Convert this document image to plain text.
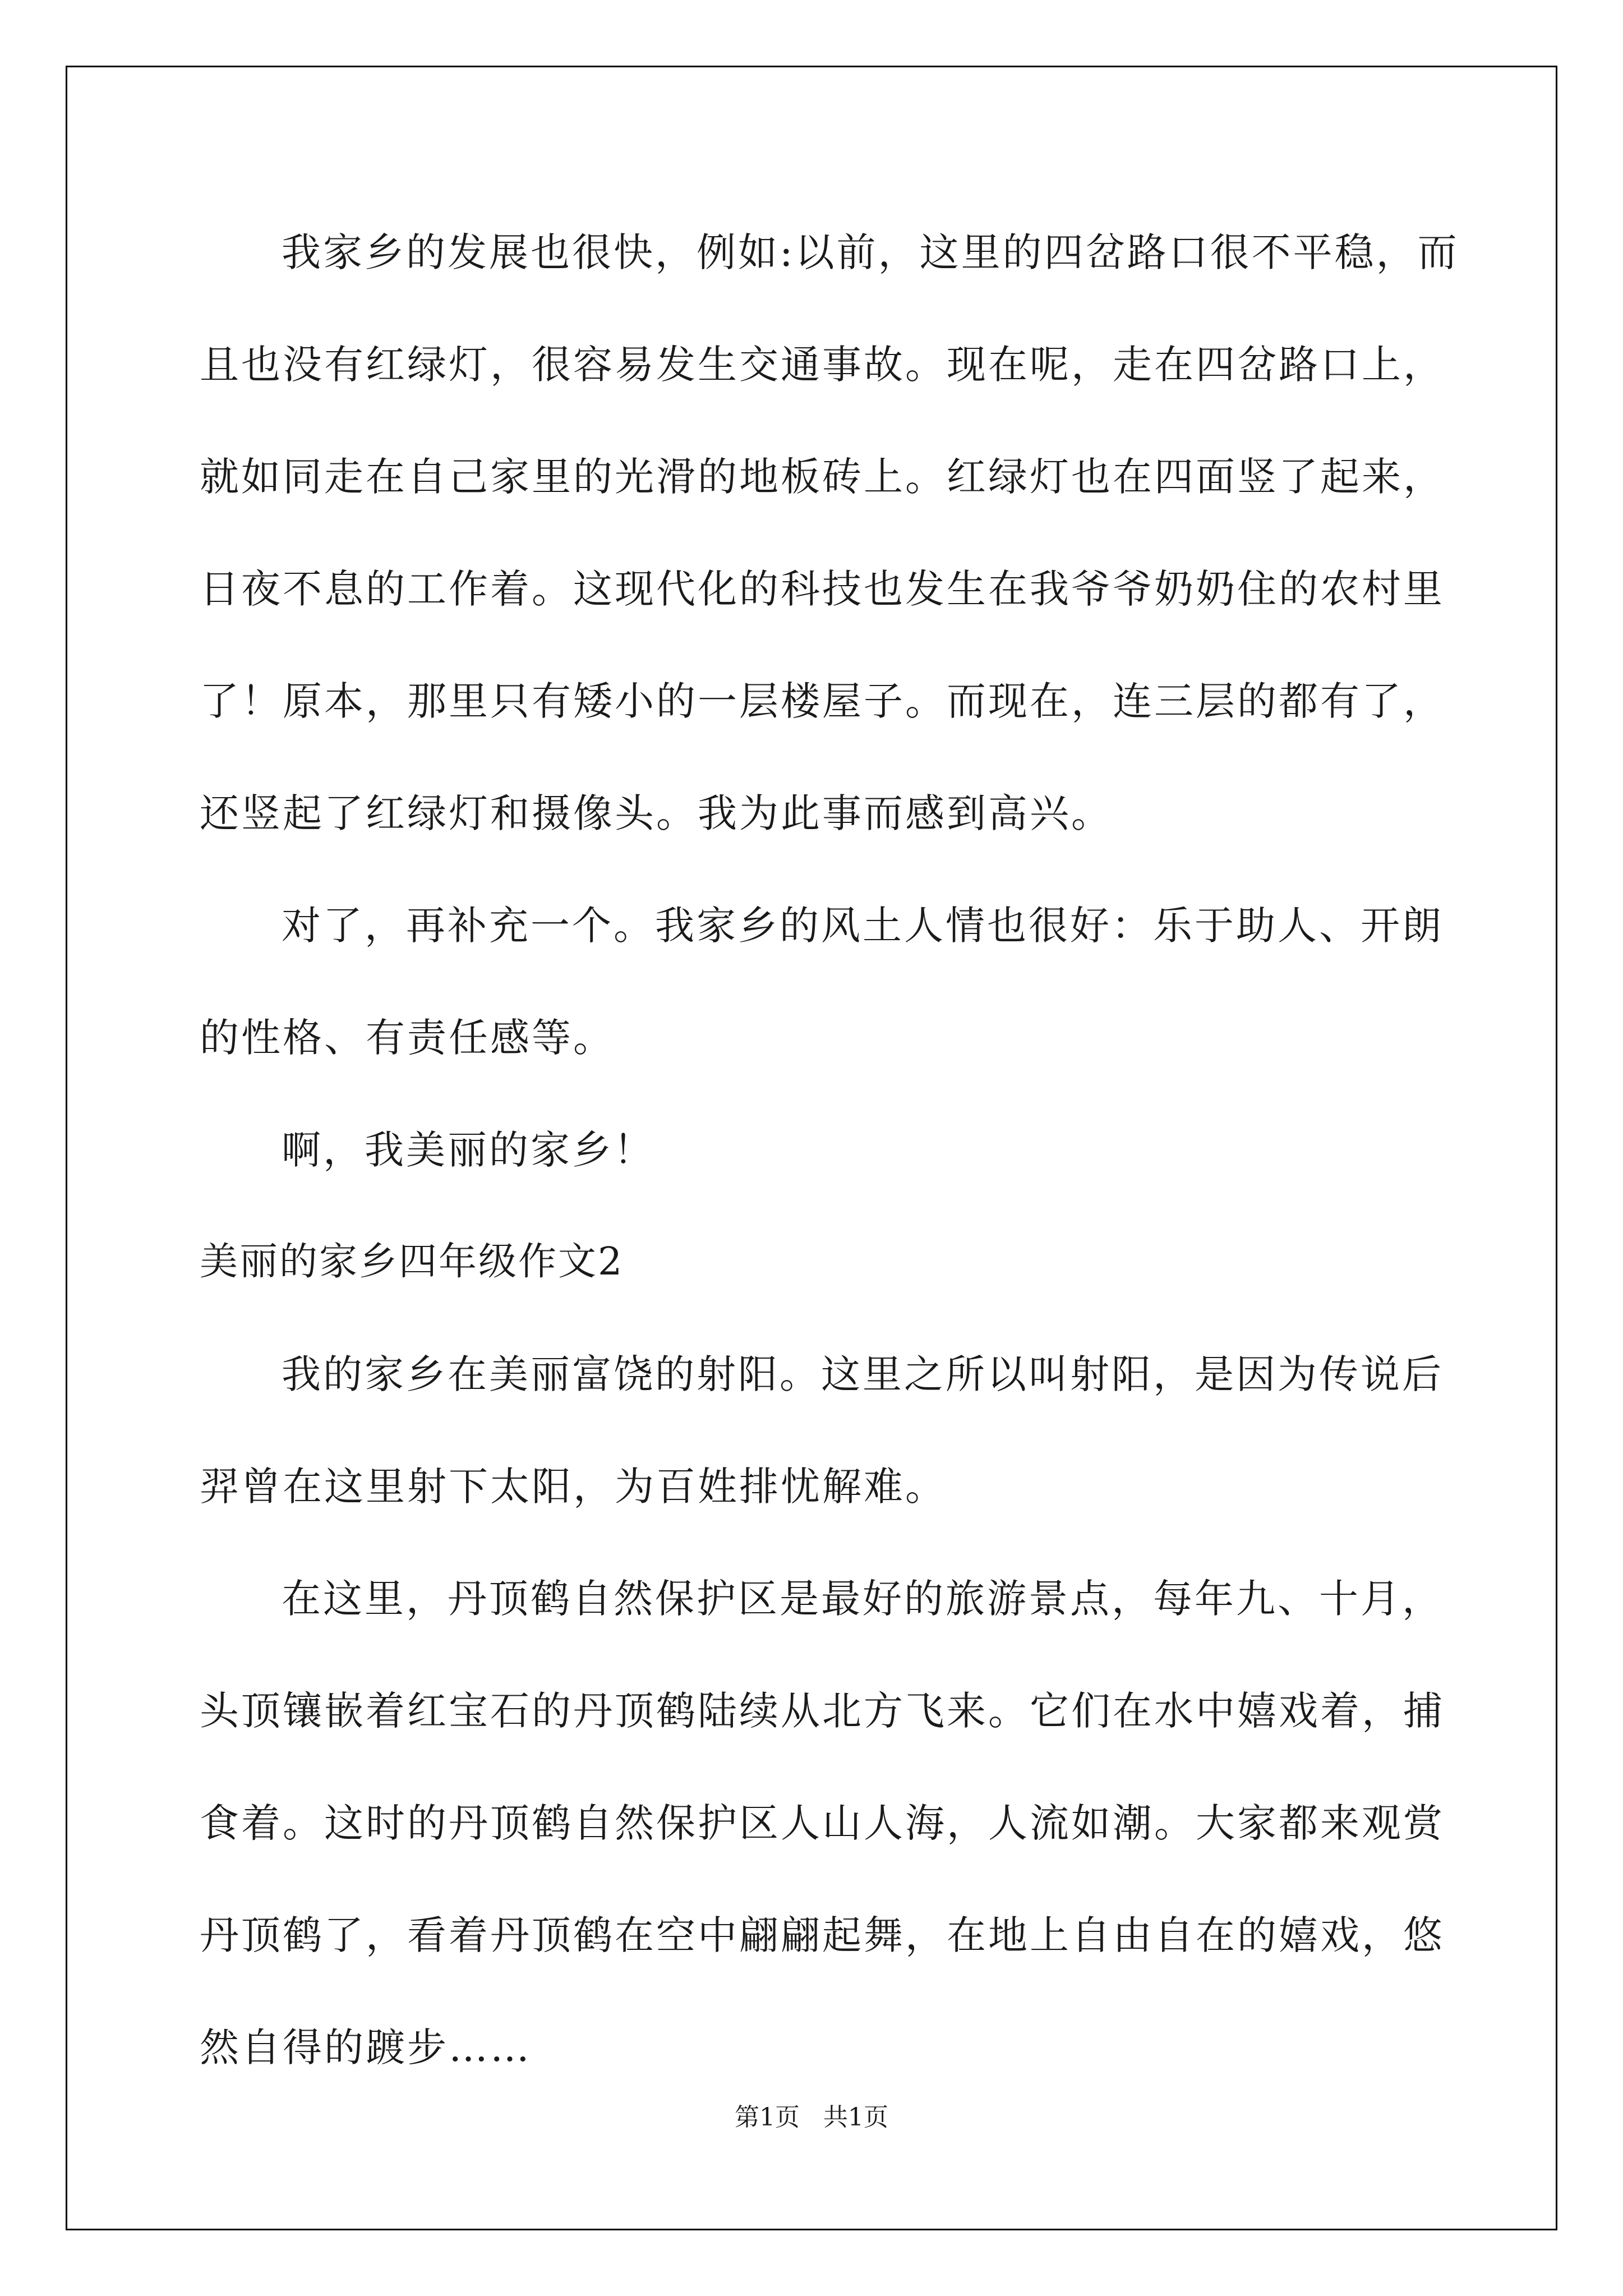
我家乡的发展也很快，例如:以前，这里的四岔路口很不平稳，而
且也没有红绿灯，很容易发生交通事故。现在呢，走在四岔路口上，
就如同走在自己家里的光滑的地板砖上。红绿灯也在四面竖了起来，
日夜不息的工作着。这现代化的科技也发生在我爷爷奶奶住的农村里
了！原本，那里只有矮小的一层楼屋子。而现在，连三层的都有了，
还竖起了红绿灯和摄像头。我为此事而感到高兴。
对了，再补充一个。我家乡的风土人情也很好：乐于助人、开朗
的性格、有责任感等。
啊，我美丽的家乡！
美丽的家乡四年级作文2
我的家乡在美丽富饶的射阳。这里之所以叫射阳，是因为传说后
羿曾在这里射下太阳，为百姓排忧解难。
在这里，丹顶鹤自然保护区是最好的旅游景点，每年九、十月，
头顶镶嵌着红宝石的丹顶鹤陆续从北方飞来。它们在水中嬉戏着，捕
食着。这时的丹顶鹤自然保护区人山人海，人流如潮。大家都来观赏
丹顶鹤了，看着丹顶鹤在空中翩翩起舞，在地上自由自在的嬉戏，悠
然自得的踱步……
第1页 共1页
